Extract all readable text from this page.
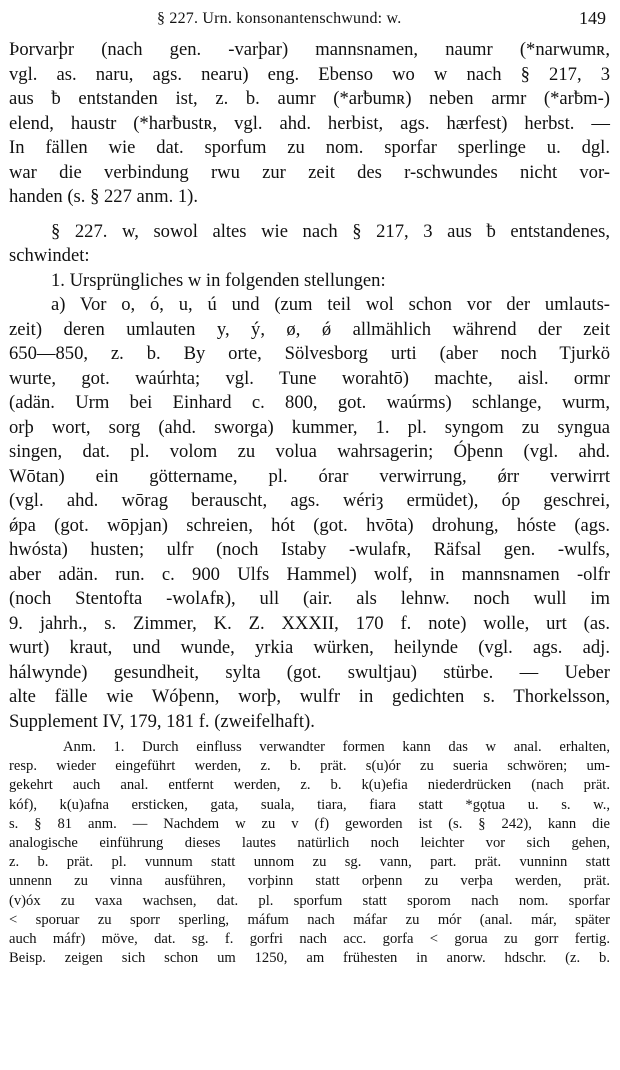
§ 227. Urn. konsonantenschwund: w.	149
Þorvarþr (nach gen. -varþar) mannsnamen, naumr (*narwumʀ,
vgl. as. naru, ags. nearu) eng. Ebenso wo w nach § 217, 3
aus ƀ entstanden ist, z. b. aumr (*arƀumʀ) neben armr (*arƀm-)
elend, haustr (*harƀustʀ, vgl. ahd. herbist, ags. hærfest) herbst. —
In fällen wie dat. sporfum zu nom. sporfar sperlinge u. dgl.
war die verbindung rwu zur zeit des r-schwundes nicht vor-
handen (s. § 227 anm. 1).
§ 227. w, sowol altes wie nach § 217, 3 aus ƀ entstandenes,
schwindet:
1. Ursprüngliches w in folgenden stellungen:
a) Vor o, ó, u, ú und (zum teil wol schon vor der umlauts-
zeit) deren umlauten y, ý, ø, ǿ allmählich während der zeit
650—850, z. b. By orte, Sölvesborg urti (aber noch Tjurkö
wurte, got. waúrhta; vgl. Tune worahtō) machte, aisl. ormr
(adän. Urm bei Einhard c. 800, got. waúrms) schlange, wurm,
orþ wort, sorg (ahd. sworga) kummer, 1. pl. syngom zu syngua
singen, dat. pl. volom zu volua wahrsagerin; Óþenn (vgl. ahd.
Wōtan) ein göttername, pl. órar verwirrung, ǿrr verwirrt
(vgl. ahd. wōrag berauscht, ags. wériȝ ermüdet), óp geschrei,
ǿpa (got. wōpjan) schreien, hót (got. hvōta) drohung, hóste (ags.
hwósta) husten; ulfr (noch Istaby -wulafʀ, Räfsal gen. -wulfs,
aber adän. run. c. 900 Ulfs Hammel) wolf, in mannsnamen -olfr
(noch Stentofta -wolᴀfʀ), ull (air. als lehnw. noch wull im
9. jahrh., s. Zimmer, K. Z. XXXII, 170 f. note) wolle, urt (as.
wurt) kraut, und wunde, yrkia würken, heilynde (vgl. ags. adj.
hálwynde) gesundheit, sylta (got. swultjau) stürbe. — Ueber
alte fälle wie Wóþenn, worþ, wulfr in gedichten s. Thorkelsson,
Supplement IV, 179, 181 f. (zweifelhaft).
Anm. 1. Durch einfluss verwandter formen kann das w anal. erhalten,
resp. wieder eingeführt werden, z. b. prät. s(u)ór zu sueria schwören; um-
gekehrt auch anal. entfernt werden, z. b. k(u)efia niederdrücken (nach prät.
kóf), k(u)afna ersticken, gata, suala, tiara, fiara statt *gǫtua u. s. w.,
s. § 81 anm. — Nachdem w zu v (f) geworden ist (s. § 242), kann die
analogische einführung dieses lautes natürlich noch leichter vor sich gehen,
z. b. prät. pl. vunnum statt unnom zu sg. vann, part. prät. vunninn statt
unnenn zu vinna ausführen, vorþinn statt orþenn zu verþa werden, prät.
(v)óx zu vaxa wachsen, dat. pl. sporfum statt sporom nach nom. sporfar
< sporuar zu sporr sperling, máfum nach máfar zu mór (anal. már, später
auch máfr) möve, dat. sg. f. gorfri nach acc. gorfa < gorua zu gorr fertig.
Beisp. zeigen sich schon um 1250, am frühesten in anorw. hdschr. (z. b.
